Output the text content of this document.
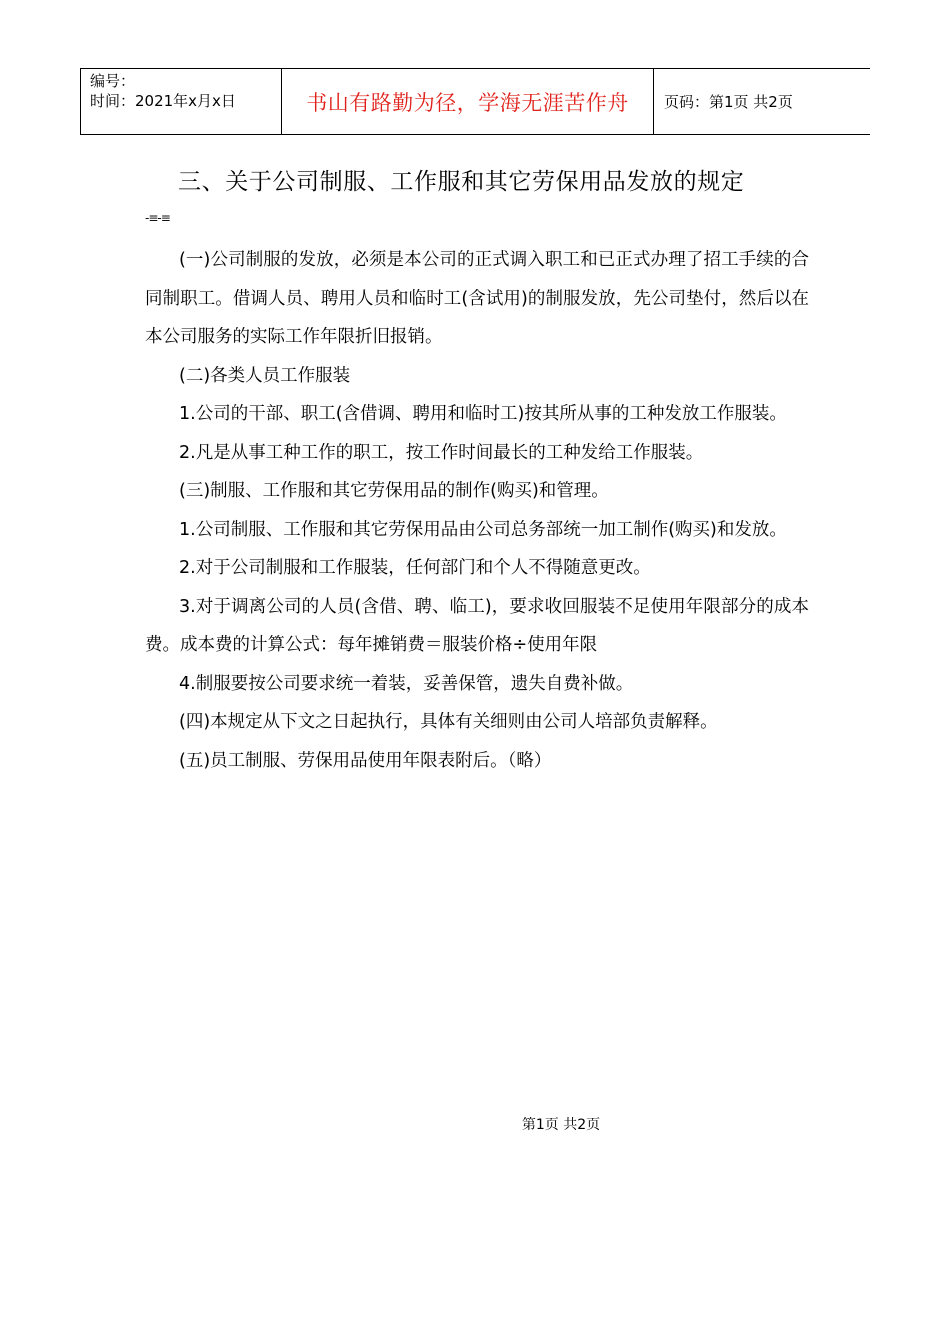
编号：
时间：2021年x月x日	书山有路勤为径，学海无涯苦作舟 页码：第1页 共2页
三、关于公司制服、工作服和其它劳保用品发放的规定
-≡-≡

(一)公司制服的发放，必须是本公司的正式调入职工和已正式办理了招工手续的合同制职工。借调人员、聘用人员和临时工(含试用)的制服发放，先公司垫付，然后以在本公司服务的实际工作年限折旧报销。

(二)各类人员工作服装

1.公司的干部、职工(含借调、聘用和临时工)按其所从事的工种发放工作服装。

2.凡是从事工种工作的职工，按工作时间最长的工种发给工作服装。

(三)制服、工作服和其它劳保用品的制作(购买)和管理。

1.公司制服、工作服和其它劳保用品由公司总务部统一加工制作(购买)和发放。

2.对于公司制服和工作服装，任何部门和个人不得随意更改。

3.对于调离公司的人员(含借、聘、临工)，要求收回服装不足使用年限部分的成本费。成本费的计算公式：每年摊销费＝服装价格÷使用年限

4.制服要按公司要求统一着装，妥善保管，遗失自费补做。

(四)本规定从下文之日起执行，具体有关细则由公司人培部负责解释。

(五)员工制服、劳保用品使用年限表附后。（略）

第1页 共2页
